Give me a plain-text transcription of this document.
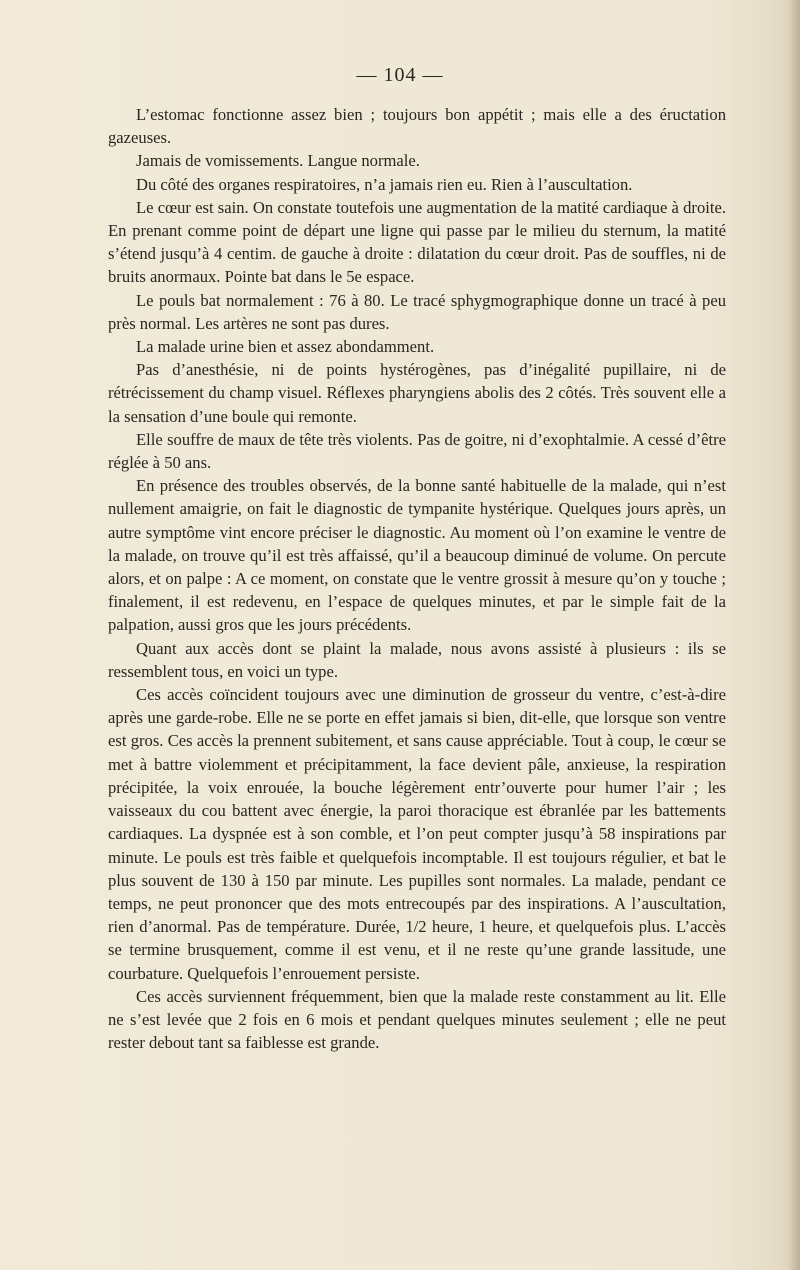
— 104 —

L’estomac fonctionne assez bien ; toujours bon appétit ; mais elle a des éructation gazeuses.

Jamais de vomissements. Langue normale.

Du côté des organes respiratoires, n’a jamais rien eu. Rien à l’auscultation.

Le cœur est sain. On constate toutefois une augmentation de la matité cardiaque à droite. En prenant comme point de départ une ligne qui passe par le milieu du sternum, la matité s’étend jusqu’à 4 centim. de gauche à droite : dilatation du cœur droit. Pas de souffles, ni de bruits anormaux. Pointe bat dans le 5e espace.

Le pouls bat normalement : 76 à 80. Le tracé sphygmographique donne un tracé à peu près normal. Les artères ne sont pas dures.

La malade urine bien et assez abondamment.

Pas d’anesthésie, ni de points hystérogènes, pas d’inégalité pupillaire, ni de rétrécissement du champ visuel. Réflexes pharyngiens abolis des 2 côtés. Très souvent elle a la sensation d’une boule qui remonte.

Elle souffre de maux de tête très violents. Pas de goitre, ni d’exophtalmie. A cessé d’être réglée à 50 ans.

En présence des troubles observés, de la bonne santé habituelle de la malade, qui n’est nullement amaigrie, on fait le diagnostic de tympanite hystérique. Quelques jours après, un autre symptôme vint encore préciser le diagnostic. Au moment où l’on examine le ventre de la malade, on trouve qu’il est très affaissé, qu’il a beaucoup diminué de volume. On percute alors, et on palpe : A ce moment, on constate que le ventre grossit à mesure qu’on y touche ; finalement, il est redevenu, en l’espace de quelques minutes, et par le simple fait de la palpation, aussi gros que les jours précédents.

Quant aux accès dont se plaint la malade, nous avons assisté à plusieurs : ils se ressemblent tous, en voici un type.

Ces accès coïncident toujours avec une diminution de grosseur du ventre, c’est-à-dire après une garde-robe. Elle ne se porte en effet jamais si bien, dit-elle, que lorsque son ventre est gros. Ces accès la prennent subitement, et sans cause appréciable. Tout à coup, le cœur se met à battre violemment et précipitamment, la face devient pâle, anxieuse, la respiration précipitée, la voix enrouée, la bouche légèrement entr’ouverte pour humer l’air ; les vaisseaux du cou battent avec énergie, la paroi thoracique est ébranlée par les battements cardiaques. La dyspnée est à son comble, et l’on peut compter jusqu’à 58 inspirations par minute. Le pouls est très faible et quelquefois incomptable. Il est toujours régulier, et bat le plus souvent de 130 à 150 par minute. Les pupilles sont normales. La malade, pendant ce temps, ne peut prononcer que des mots entrecoupés par des inspirations. A l’auscultation, rien d’anormal. Pas de température. Durée, 1/2 heure, 1 heure, et quelquefois plus. L’accès se termine brusquement, comme il est venu, et il ne reste qu’une grande lassitude, une courbature. Quelquefois l’enrouement persiste.

Ces accès surviennent fréquemment, bien que la malade reste constamment au lit. Elle ne s’est levée que 2 fois en 6 mois et pendant quelques minutes seulement ; elle ne peut rester debout tant sa faiblesse est grande.
